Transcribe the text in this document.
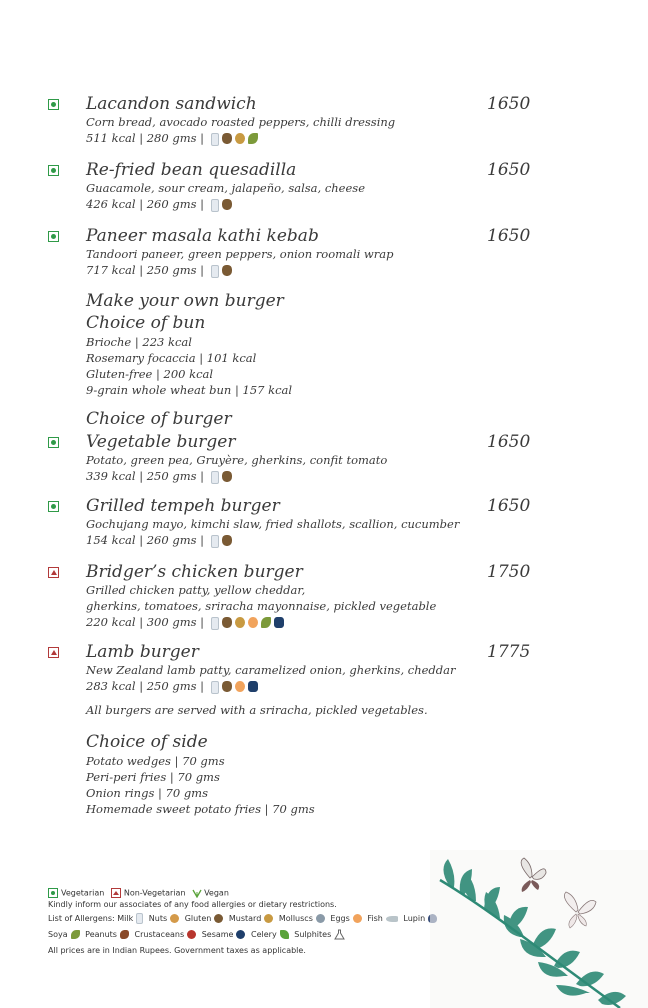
Lacandon sandwich	1650
Corn bread, avocado roasted peppers, chilli dressing
511 kcal | 280 gms |
Re-fried bean quesadilla	1650
Guacamole, sour cream, jalapeño, salsa, cheese
426 kcal | 260 gms |
Paneer masala kathi kebab	1650
Tandoori paneer, green peppers, onion roomali wrap
717 kcal | 250 gms |
Make your own burger
Choice of bun
Brioche | 223 kcal
Rosemary focaccia | 101 kcal
Gluten-free | 200 kcal
9-grain whole wheat bun | 157 kcal
Choice of burger
Vegetable burger	1650
Potato, green pea, Gruyère, gherkins, confit tomato
339 kcal | 250 gms |
Grilled tempeh burger	1650
Gochujang mayo, kimchi slaw, fried shallots, scallion, cucumber
154 kcal | 260 gms |
Bridger’s chicken burger	1750
Grilled chicken patty, yellow cheddar,
gherkins, tomatoes, sriracha mayonnaise, pickled vegetable
220 kcal | 300 gms |
Lamb burger	1775
New Zealand lamb patty, caramelized onion, gherkins, cheddar
283 kcal | 250 gms |
All burgers are served with a sriracha, pickled vegetables.
Choice of side
Potato wedges | 70 gms
Peri-peri fries | 70 gms
Onion rings | 70 gms
Homemade sweet potato fries | 70 gms
Vegetarian Non-Vegetarian Vegan
Kindly inform our associates of any food allergies or dietary restrictions.
List of Allergens: Milk Nuts Gluten Mustard Molluscs Eggs Fish	Lupin
Soya Peanuts Crustaceans Sesame Celery Sulphites
All prices are in Indian Rupees. Government taxes as applicable.
